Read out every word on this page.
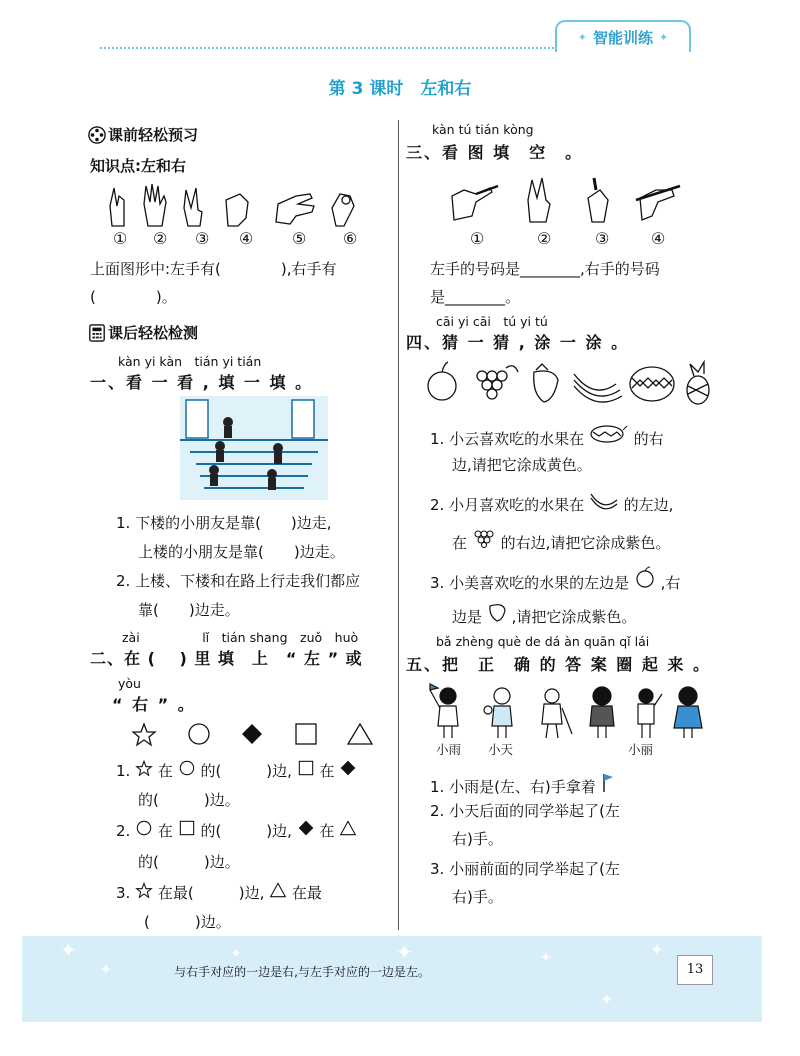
✦ 智能训练 ✦
第 3 课时　左和右
课前轻松预习
知识点:左和右
① ② ③ ④ ⑤ ⑥
上面图形中:左手有(　　　　),右手有
(　　　　)。
课后轻松检测
kàn yi kàn　tián yi tián
一、看 一 看 , 填 一 填 。
1. 下楼的小朋友是靠(　　)边走,
上楼的小朋友是靠(　　)边走。
2. 上楼、下楼和在路上行走我们都应
靠(　　)边走。
zài　　　　　lǐ　tián shang　zuǒ　huò
二、在 (　 ) 里 填　上　“ 左 ” 或
yòu
“ 右 ” 。
1. 在 的(　　　)边, 在
的(　　　)边。
2. 在 的(　　　)边, 在
的(　　　)边。
3. 在最(　　　)边, 在最
(　　　)边。
kàn tú tián kòng
三、看 图 填　空　。
①	②	③	④
左手的号码是________,右手的号码
是________。
cāi yi cāi　tú yi tú
四、猜 一 猜 , 涂 一 涂 。
1. 小云喜欢吃的水果在	的右
边,请把它涂成黄色。
2. 小月喜欢吃的水果在	的左边,
在 的右边,请把它涂成紫色。
3. 小美喜欢吃的水果的左边是 ,右
边是 ,请把它涂成紫色。
bǎ zhèng què de dá àn quān qǐ lái
五、把　正　确 的 答 案 圈 起 来 。
小雨 小天	小丽
1. 小雨是(左、右)手拿着
2. 小天后面的同学举起了(左
右)手。
3. 小丽前面的同学举起了(左
右)手。
✦
✦
✦	✦	✦
✦
✦
与右手对应的一边是右,与左手对应的一边是左。	13
